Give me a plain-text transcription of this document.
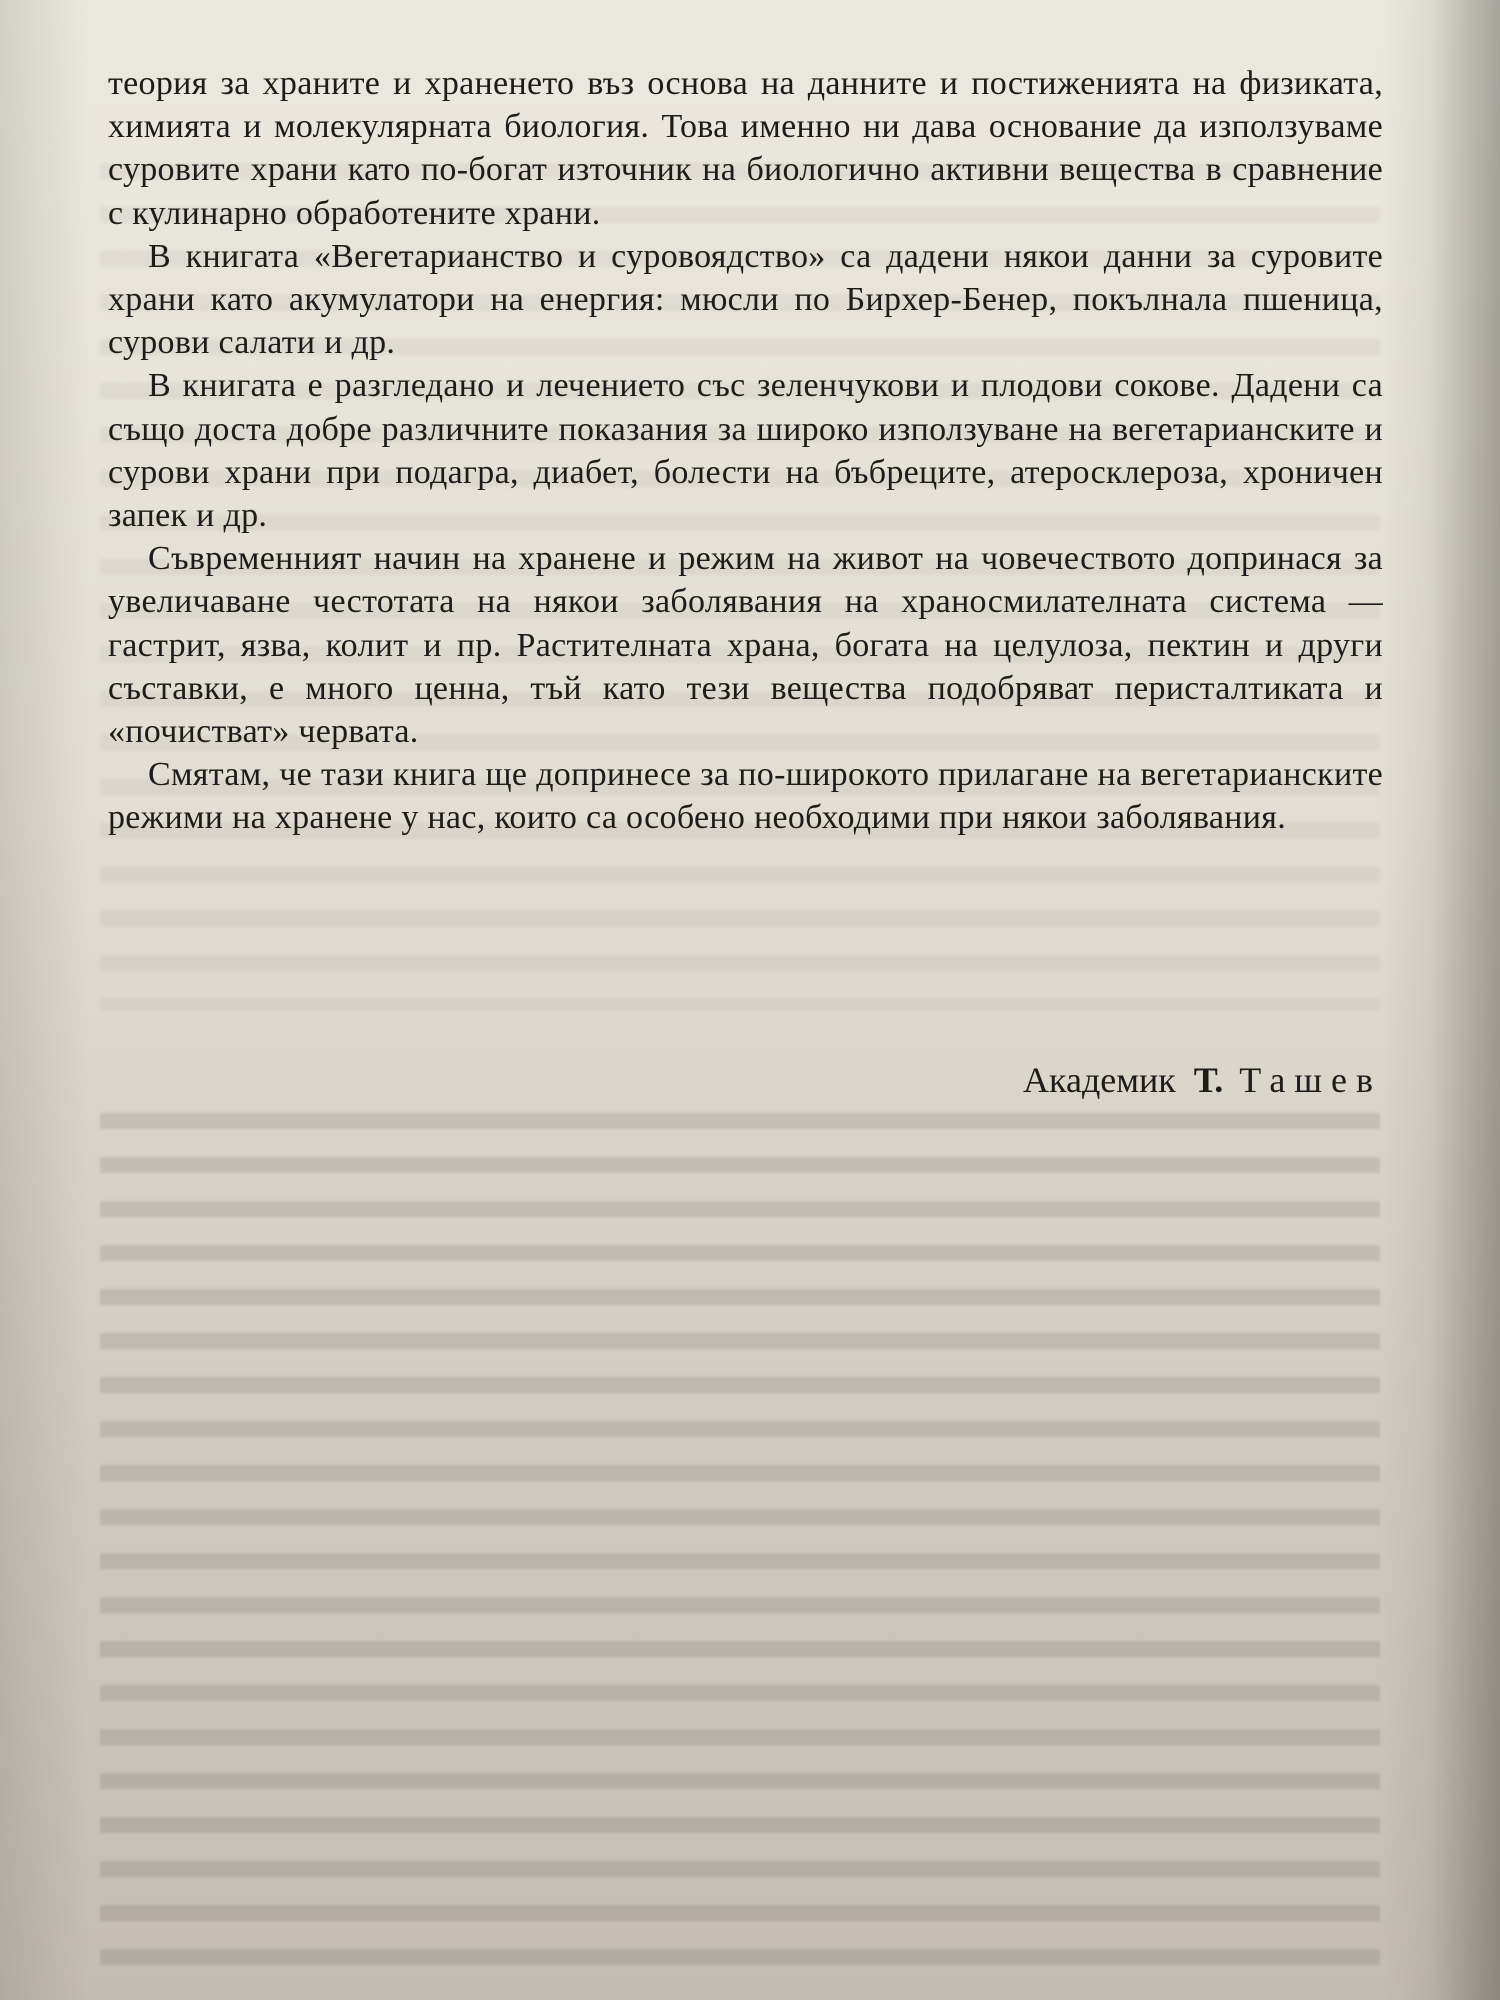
теория за храните и храненето въз основа на данните и постиженията на физиката, химията и молекулярната биология. Това именно ни дава основание да използуваме суровите храни като по-богат източник на биологично активни вещества в сравнение с кулинарно обработените храни.

В книгата «Вегетарианство и суровоядство» са дадени някои данни за суровите храни като акумулатори на енергия: мюсли по Бирхер-Бенер, покълнала пшеница, сурови салати и др.

В книгата е разгледано и лечението със зеленчукови и плодови сокове. Дадени са също доста добре различните показания за широко използуване на вегетарианските и сурови храни при подагра, диабет, болести на бъбреците, атеросклероза, хроничен запек и др.

Съвременният начин на хранене и режим на живот на човечеството допринася за увеличаване честотата на някои заболявания на храносмилателната система — гастрит, язва, колит и пр. Растителната храна, богата на целулоза, пектин и други съставки, е много ценна, тъй като тези вещества подобряват перисталтиката и «почистват» червата.

Смятам, че тази книга ще допринесе за по-широкото прилагане на вегетарианските режими на хранене у нас, които са особено необходими при някои заболявания.

Академик Т. Ташев
